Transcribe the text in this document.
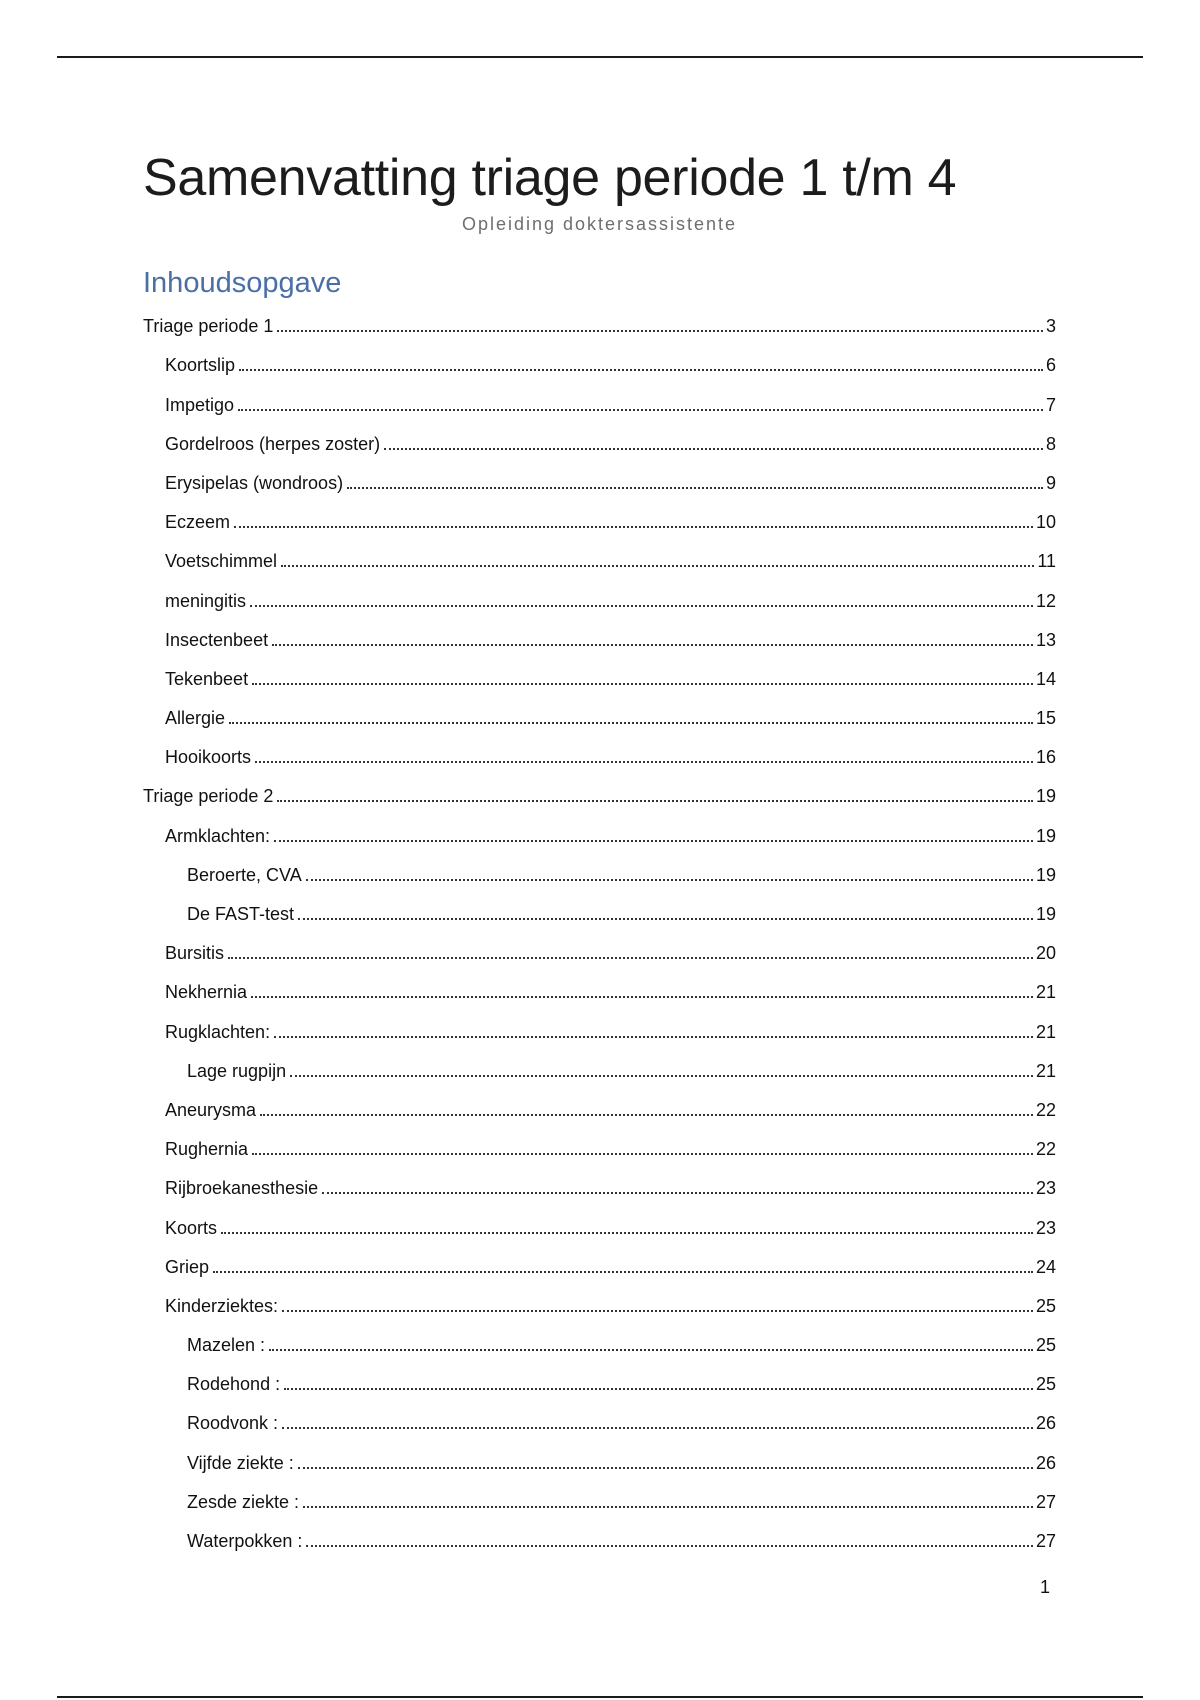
Samenvatting triage periode 1 t/m 4

Opleiding doktersassistente

Inhoudsopgave
Triage periode 1	3
Koortslip	6
Impetigo	7
Gordelroos (herpes zoster)	8
Erysipelas (wondroos)	9
Eczeem	10
Voetschimmel	11
meningitis	12
Insectenbeet	13
Tekenbeet	14
Allergie	15
Hooikoorts	16
Triage periode 2	19
Armklachten:	19
Beroerte, CVA	19
De FAST-test	19
Bursitis	20
Nekhernia	21
Rugklachten:	21
Lage rugpijn	21
Aneurysma	22
Rughernia	22
Rijbroekanesthesie	23
Koorts	23
Griep	24
Kinderziektes:	25
Mazelen :	25
Rodehond :	25
Roodvonk :	26
Vijfde ziekte :	26
Zesde ziekte :	27
Waterpokken :	27
1
